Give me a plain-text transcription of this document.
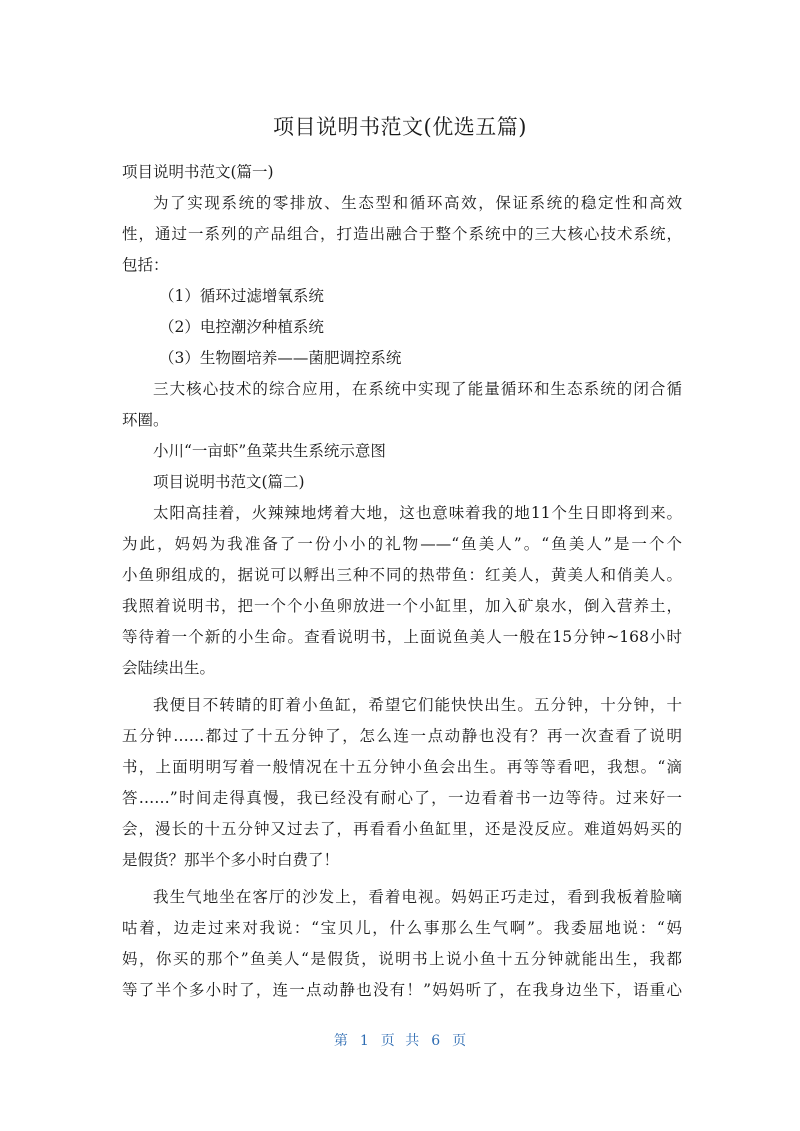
项目说明书范文(优选五篇)

项目说明书范文(篇一)

为了实现系统的零排放、生态型和循环高效，保证系统的稳定性和高效

性，通过一系列的产品组合，打造出融合于整个系统中的三大核心技术系统，

包括：

（1）循环过滤增氧系统

（2）电控潮汐种植系统

（3）生物圈培养——菌肥调控系统

三大核心技术的综合应用，在系统中实现了能量循环和生态系统的闭合循

环圈。

小川“一亩虾”鱼菜共生系统示意图

项目说明书范文(篇二)

太阳高挂着，火辣辣地烤着大地，这也意味着我的地11个生日即将到来。

为此，妈妈为我准备了一份小小的礼物——“鱼美人”。“鱼美人”是一个个

小鱼卵组成的，据说可以孵出三种不同的热带鱼：红美人，黄美人和俏美人。

我照着说明书，把一个个小鱼卵放进一个小缸里，加入矿泉水，倒入营养土，

等待着一个新的小生命。查看说明书，上面说鱼美人一般在15分钟~168小时

会陆续出生。

我便目不转睛的盯着小鱼缸，希望它们能快快出生。五分钟，十分钟，十

五分钟……都过了十五分钟了，怎么连一点动静也没有？再一次查看了说明

书，上面明明写着一般情况在十五分钟小鱼会出生。再等等看吧，我想。“滴

答……”时间走得真慢，我已经没有耐心了，一边看着书一边等待。过来好一

会，漫长的十五分钟又过去了，再看看小鱼缸里，还是没反应。难道妈妈买的

是假货？那半个多小时白费了！

我生气地坐在客厅的沙发上，看着电视。妈妈正巧走过，看到我板着脸嘀

咕着，边走过来对我说：“宝贝儿，什么事那么生气啊”。我委屈地说：“妈

妈，你买的那个”鱼美人“是假货，说明书上说小鱼十五分钟就能出生，我都

等了半个多小时了，连一点动静也没有！”妈妈听了，在我身边坐下，语重心

第 1 页 共 6 页
